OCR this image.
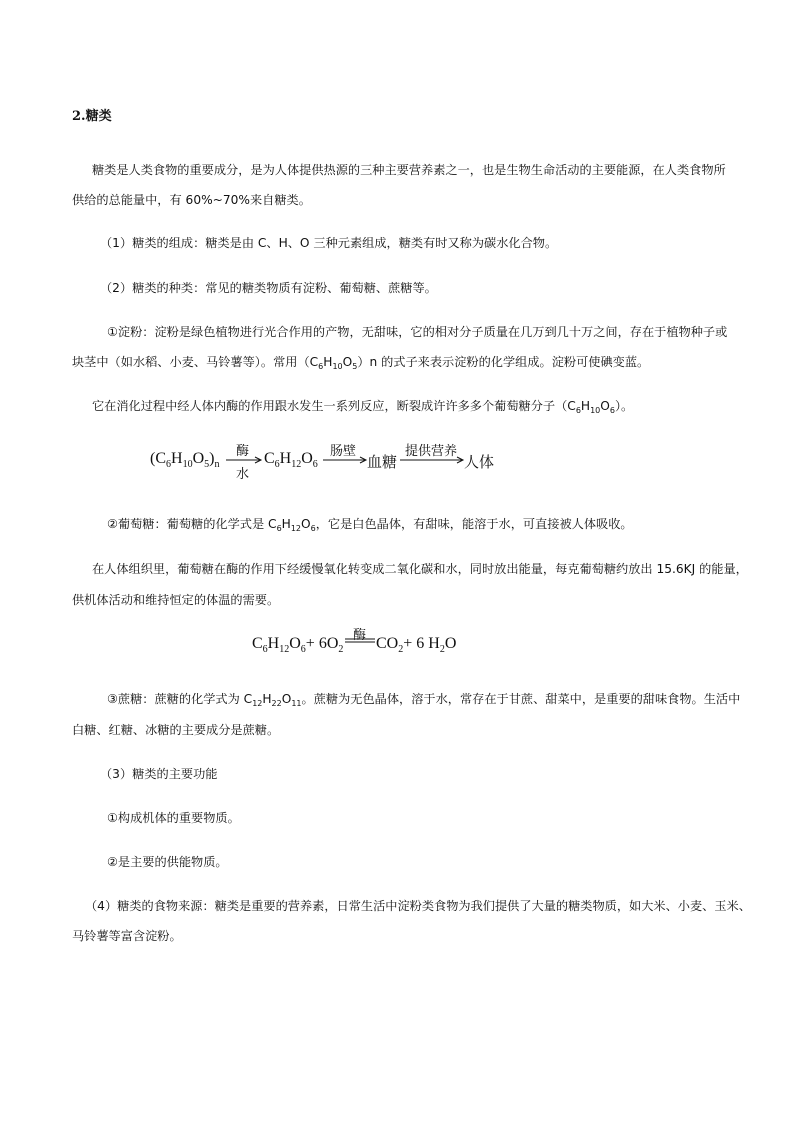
2.糖类
糖类是人类食物的重要成分，是为人体提供热源的三种主要营养素之一，也是生物生命活动的主要能源，在人类食物所
供给的总能量中，有 60%~70%来自糖类。
（1）糖类的组成：糖类是由 C、H、O 三种元素组成，糖类有时又称为碳水化合物。
（2）糖类的种类：常见的糖类物质有淀粉、葡萄糖、蔗糖等。
①淀粉：淀粉是绿色植物进行光合作用的产物，无甜味，它的相对分子质量在几万到几十万之间，存在于植物种子或
块茎中（如水稻、小麦、马铃薯等）。常用$(C_6H_{10}O_5)n$ 的式子来表示淀粉的化学组成。淀粉可使碘变蓝。
它在消化过程中经人体内酶的作用跟水发生一系列反应，断裂成许许多多个葡萄糖分子$(C_6H_{10}O_6)$。
$(C_6H_{10}O_5)_n$
酶
水
$C_6H_{12}O_6$
肠壁
血糖
提供营养
人体
②葡萄糖：葡萄糖的化学式是 $C_6H_{12}O_6$，它是白色晶体，有甜味，能溶于水，可直接被人体吸收。
在人体组织里，葡萄糖在酶的作用下经缓慢氧化转变成二氧化碳和水，同时放出能量，每克葡萄糖约放出 15.6KJ 的能量，
供机体活动和维持恒定的体温的需要。
$C_6H_{12}O_6+ 6O_2$
酶 $CO_2+ 6$ $H_2O$
③蔗糖：蔗糖的化学式为 $C_{12}H_{22}O_{11}$。蔗糖为无色晶体，溶于水，常存在于甘蔗、甜菜中，是重要的甜味食物。生活中
白糖、红糖、冰糖的主要成分是蔗糖。
（3）糖类的主要功能
①构成机体的重要物质。
②是主要的供能物质。
（4）糖类的食物来源：糖类是重要的营养素，日常生活中淀粉类食物为我们提供了大量的糖类物质，如大米、小麦、玉米、
马铃薯等富含淀粉。
